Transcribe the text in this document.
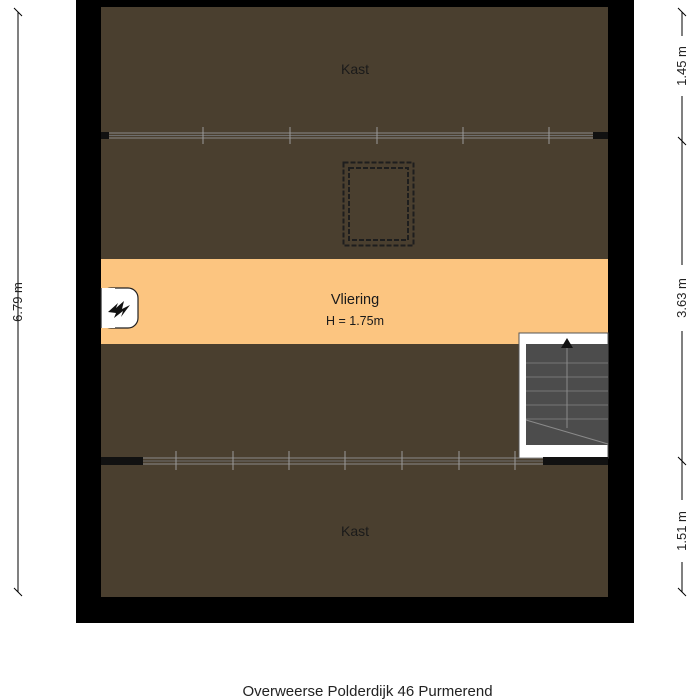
Kast
Vliering
H = 1.75m
Kast
6.79 m
1.45 m
3.63 m
1.51 m
Overweerse Polderdijk 46 Purmerend
